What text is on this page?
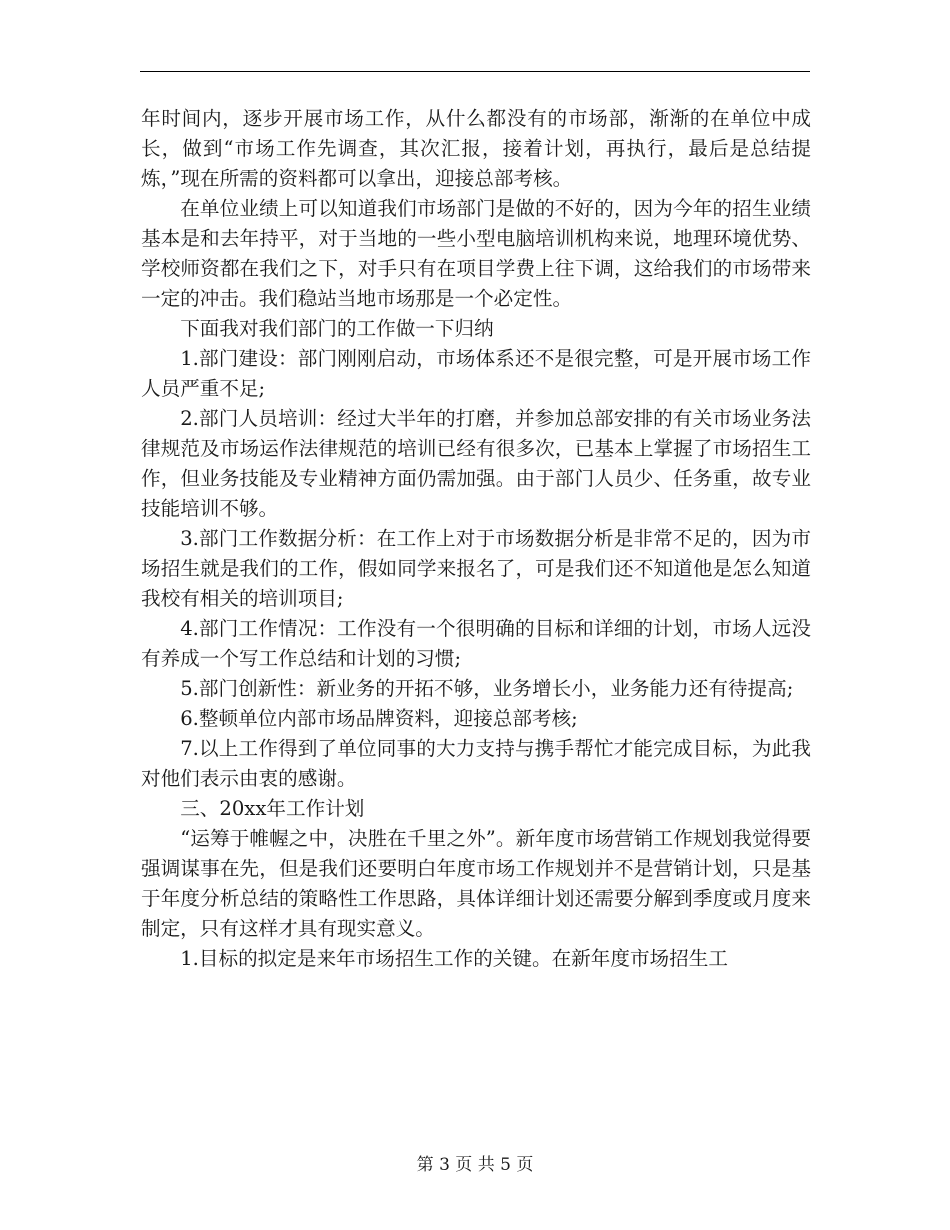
年时间内，逐步开展市场工作，从什么都没有的市场部，渐渐的在单位中成长，做到“市场工作先调查，其次汇报，接着计划，再执行，最后是总结提炼，”现在所需的资料都可以拿出，迎接总部考核。

在单位业绩上可以知道我们市场部门是做的不好的，因为今年的招生业绩基本是和去年持平，对于当地的一些小型电脑培训机构来说，地理环境优势、学校师资都在我们之下，对手只有在项目学费上往下调，这给我们的市场带来一定的冲击。我们稳站当地市场那是一个必定性。

下面我对我们部门的工作做一下归纳

1.部门建设：部门刚刚启动，市场体系还不是很完整，可是开展市场工作人员严重不足;

2.部门人员培训：经过大半年的打磨，并参加总部安排的有关市场业务法律规范及市场运作法律规范的培训已经有很多次，已基本上掌握了市场招生工作，但业务技能及专业精神方面仍需加强。由于部门人员少、任务重，故专业技能培训不够。

3.部门工作数据分析：在工作上对于市场数据分析是非常不足的，因为市场招生就是我们的工作，假如同学来报名了，可是我们还不知道他是怎么知道我校有相关的培训项目;

4.部门工作情况：工作没有一个很明确的目标和详细的计划，市场人远没有养成一个写工作总结和计划的习惯;

5.部门创新性：新业务的开拓不够，业务增长小，业务能力还有待提高;

6.整顿单位内部市场品牌资料，迎接总部考核;

7.以上工作得到了单位同事的大力支持与携手帮忙才能完成目标，为此我对他们表示由衷的感谢。

三、20xx年工作计划

“运筹于帷幄之中，决胜在千里之外”。新年度市场营销工作规划我觉得要强调谋事在先，但是我们还要明白年度市场工作规划并不是营销计划，只是基于年度分析总结的策略性工作思路，具体详细计划还需要分解到季度或月度来制定，只有这样才具有现实意义。

1.目标的拟定是来年市场招生工作的关键。在新年度市场招生工

第 3 页 共 5 页
